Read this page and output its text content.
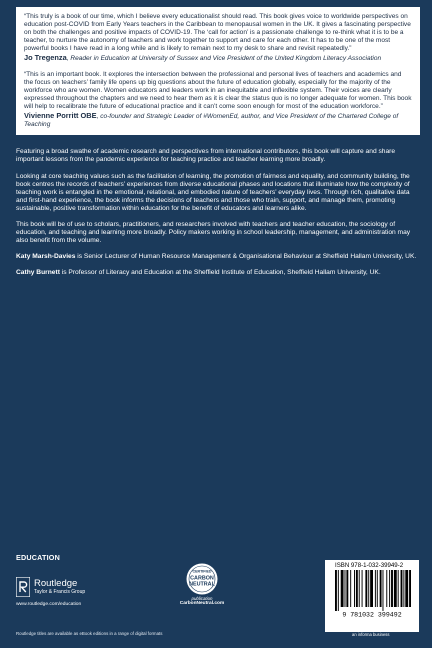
“This truly is a book of our time, which I believe every educationalist should read. This book gives voice to worldwide perspectives on education post-COVID from Early Years teachers in the Caribbean to menopausal women in the UK. It gives a fascinating perspective on both the challenges and positive impacts of COVID-19. The ‘call for action’ is a passionate challenge to re-think what it is to be a teacher, to nurture the autonomy of teachers and work together to support and care for each other. It has to be one of the most powerful books I have read in a long while and is likely to remain next to my desk to share and revisit repeatedly.”

Jo Tregenza, Reader in Education at University of Sussex and Vice President of the United Kingdom Literacy Association

“This is an important book. It explores the intersection between the professional and personal lives of teachers and academics and the focus on teachers’ family life opens up big questions about the future of education globally, especially for the majority of the workforce who are women. Women educators and leaders work in an inequitable and inflexible system. Their voices are clearly expressed throughout the chapters and we need to hear them as it is clear the status quo is no longer adequate for women. This book will help to recalibrate the future of educational practice and it can’t come soon enough for most of the education workforce.”

Vivienne Porritt OBE, co-founder and Strategic Leader of #WomenEd, author, and Vice President of the Chartered College of Teaching

Featuring a broad swathe of academic research and perspectives from international contributors, this book will capture and share important lessons from the pandemic experience for teaching practice and teacher learning more broadly.

Looking at core teaching values such as the facilitation of learning, the promotion of fairness and equality, and community building, the book centres the records of teachers’ experiences from diverse educational phases and locations that illuminate how the complexity of teaching work is entangled in the emotional, relational, and embodied nature of teachers’ everyday lives. Through rich, qualitative data and first-hand experience, the book informs the decisions of teachers and those who train, support, and manage them, promoting sustainable, positive transformation within education for the benefit of educators and learners alike.

This book will be of use to scholars, practitioners, and researchers involved with teachers and teacher education, the sociology of education, and teaching and learning more broadly. Policy makers working in school leadership, management, and administration may also benefit from the volume.

Katy Marsh-Davies is Senior Lecturer of Human Resource Management & Organisational Behaviour at Sheffield Hallam University, UK.

Cathy Burnett is Professor of Literacy and Education at the Sheffield Institute of Education, Sheffield Hallam University, UK.

EDUCATION
Routledge
Taylor & Francis Group
www.routledge.com/education
CERTIFIED
CARBON
NEUTRAL
publication
CarbonNeutral.com
ISBN 978-1-032-39949-2
9 781032 399492
an informa business
Routledge titles are available as eBook editions in a range of digital formats
